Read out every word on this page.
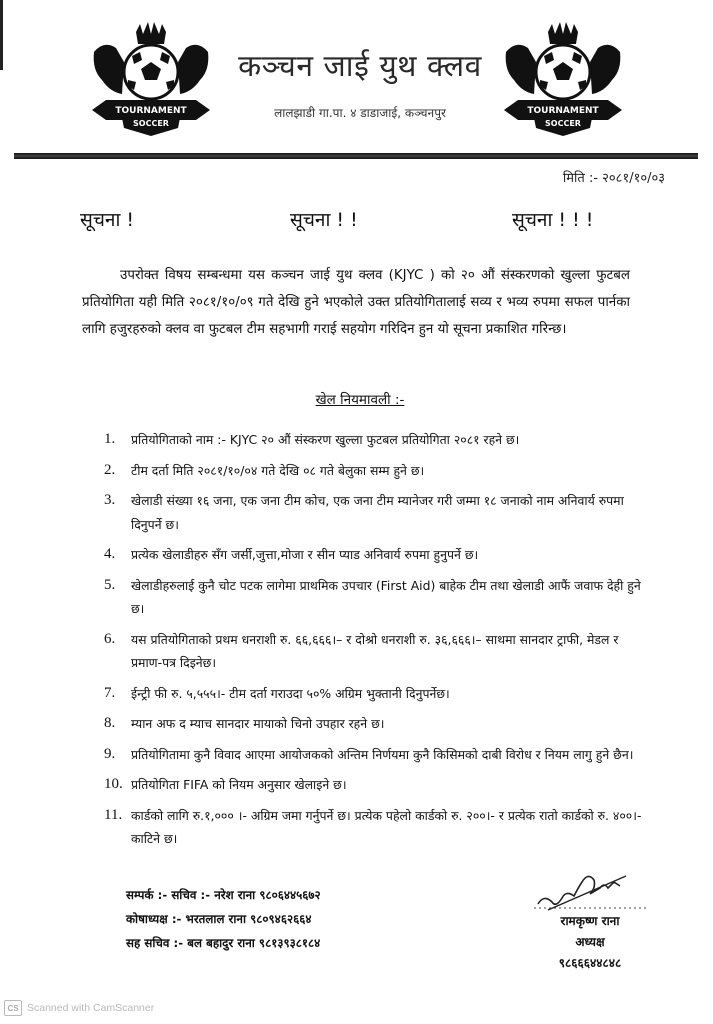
TOURNAMENT
SOCCER
कञ्चन जाई युथ क्लव
लालझाडी गा.पा. ४ डाडाजाई, कञ्चनपुर	TOURNAMENT
SOCCER
मिति :- २०८१/१०/०३
सूचना !	सूचना ! !	सूचना ! ! !

उपरोक्त विषय सम्बन्धमा यस कञ्चन जाई युथ क्लव (KJYC ) को २० औं संस्करणको खुल्ला फुटबल प्रतियोगिता यही मिति २०८१/१०/०९ गते देखि हुने भएकोले उक्त प्रतियोगितालाई सव्य र भव्य रुपमा सफल पार्नका लागि हजुरहरुको क्लव वा फुटबल टीम सहभागी गराई सहयोग गरिदिन हुन यो सूचना प्रकाशित गरिन्छ।

खेल नियमावली :-
1. प्रतियोगिताको नाम :- KJYC २० औं संस्करण खुल्ला फुटबल प्रतियोगिता २०८१ रहने छ।
2. टीम दर्ता मिति २०८१/१०/०४ गते देखि ०८ गते बेलुका सम्म हुने छ।
3. खेलाडी संख्या १६ जना, एक जना टीम कोच, एक जना टीम म्यानेजर गरी जम्मा १८ जनाको नाम अनिवार्य रुपमा दिनुपर्ने छ।
4. प्रत्येक खेलाडीहरु सँग जर्सी,जुत्ता,मोजा र सीन प्याड अनिवार्य रुपमा हुनुपर्ने छ।
5. खेलाडीहरुलाई कुनै चोट पटक लागेमा प्राथमिक उपचार (First Aid) बाहेक टीम तथा खेलाडी आफैं जवाफ देही हुने छ।
6. यस प्रतियोगिताको प्रथम धनराशी रु. ६६,६६६।– र दोश्रो धनराशी रु. ३६,६६६।– साथमा सानदार ट्राफी, मेडल र प्रमाण-पत्र दिइनेछ।
7. ईन्ट्री फी रु. ५,५५५।- टीम दर्ता गराउदा ५०% अग्रिम भुक्तानी दिनुपर्नेछ।
8. म्यान अफ द म्याच सानदार मायाको चिनो उपहार रहने छ।
9. प्रतियोगितामा कुनै विवाद आएमा आयोजकको अन्तिम निर्णयमा कुनै किसिमको दाबी विरोध र नियम लागु हुने छैन।
10. प्रतियोगिता FIFA को नियम अनुसार खेलाइने छ।
11. कार्डको लागि रु.१,००० ।- अग्रिम जमा गर्नुपर्ने छ। प्रत्येक पहेलो कार्डको रु. २००।- र प्रत्येक रातो कार्डको रु. ४००।- काटिने छ।
सम्पर्क :- सचिव :- नरेश राना ९८०६४४५६७२
कोषाध्यक्ष :- भरतलाल राना ९८०९४६२६६४
सह सचिव :- बल बहादुर राना ९८१३९३८१८४
रामकृष्ण राना
अध्यक्ष
९८६६६४४८४८
CS Scanned with CamScanner
